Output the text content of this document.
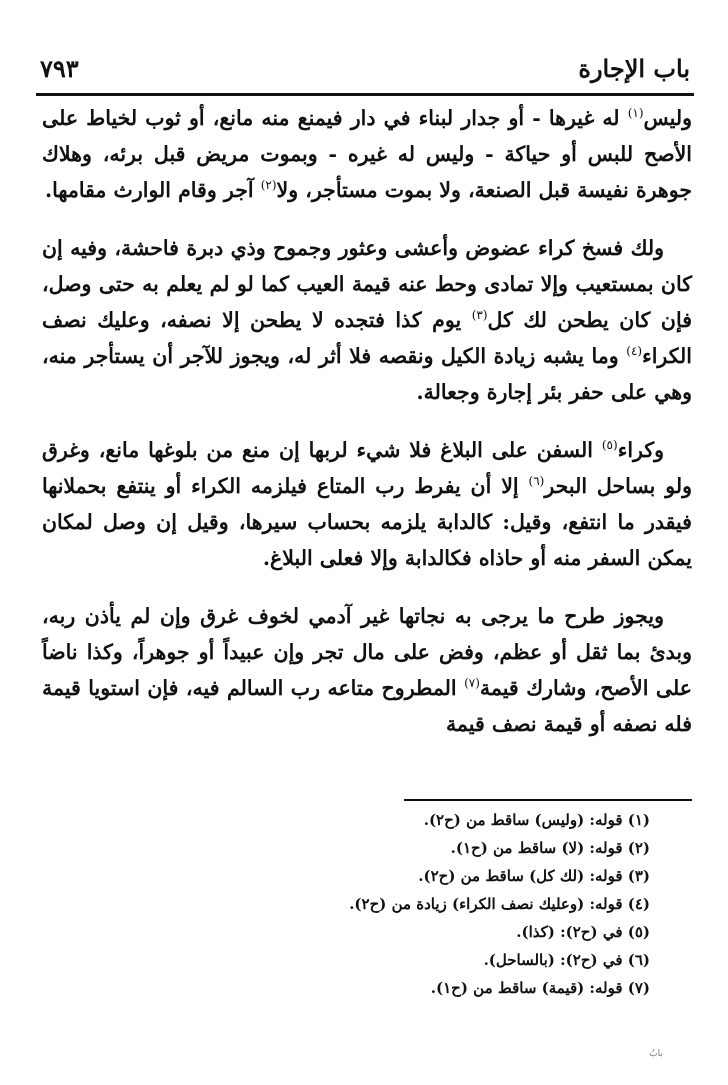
باب الإجارة
٧٩٣

وليس$^{(١)}$ له غيرها - أو جدار لبناء في دار فيمنع منه مانع، أو ثوب لخياط على الأصح للبس أو حياكة - وليس له غيره - وبموت مريض قبل برئه، وهلاك جوهرة نفيسة قبل الصنعة، ولا بموت مستأجر، ولا$^{(٢)}$ آجر وقام الوارث مقامها.

ولك فسخ كراء عضوض وأعشى وعثور وجموح وذي دبرة فاحشة، وفيه إن كان بمستعيب وإلا تمادى وحط عنه قيمة العيب كما لو لم يعلم به حتى وصل، فإن كان يطحن لك كل$^{(٣)}$ يوم كذا فتجده لا يطحن إلا نصفه، وعليك نصف الكراء$^{(٤)}$ وما يشبه زيادة الكيل ونقصه فلا أثر له، ويجوز للآجر أن يستأجر منه، وهي على حفر بئر إجارة وجعالة.

وكراء$^{(٥)}$ السفن على البلاغ فلا شيء لربها إن منع من بلوغها مانع، وغرق ولو بساحل البحر$^{(٦)}$ إلا أن يفرط رب المتاع فيلزمه الكراء أو ينتفع بحملانها فيقدر ما انتفع، وقيل: كالدابة يلزمه بحساب سيرها، وقيل إن وصل لمكان يمكن السفر منه أو حاذاه فكالدابة وإلا فعلى البلاغ.

ويجوز طرح ما يرجى به نجاتها غير آدمي لخوف غرق وإن لم يأذن ربه، وبدئ بما ثقل أو عظم، وفض على مال تجر وإن عبيداً أو جوهراً، وكذا ناضاً على الأصح، وشارك قيمة$^{(٧)}$ المطروح متاعه رب السالم فيه، فإن استويا قيمة فله نصفه أو قيمة نصف قيمة

(١) قوله: (وليس) ساقط من (ح٢).

(٢) قوله: (لا) ساقط من (ح١).

(٣) قوله: (لك كل) ساقط من (ح٢).

(٤) قوله: (وعليك نصف الكراء) زيادة من (ح٢).

(٥) في (ح٢): (كذا).

(٦) في (ح٢): (بالساحل).

(٧) قوله: (قيمة) ساقط من (ح١).

بابُ
